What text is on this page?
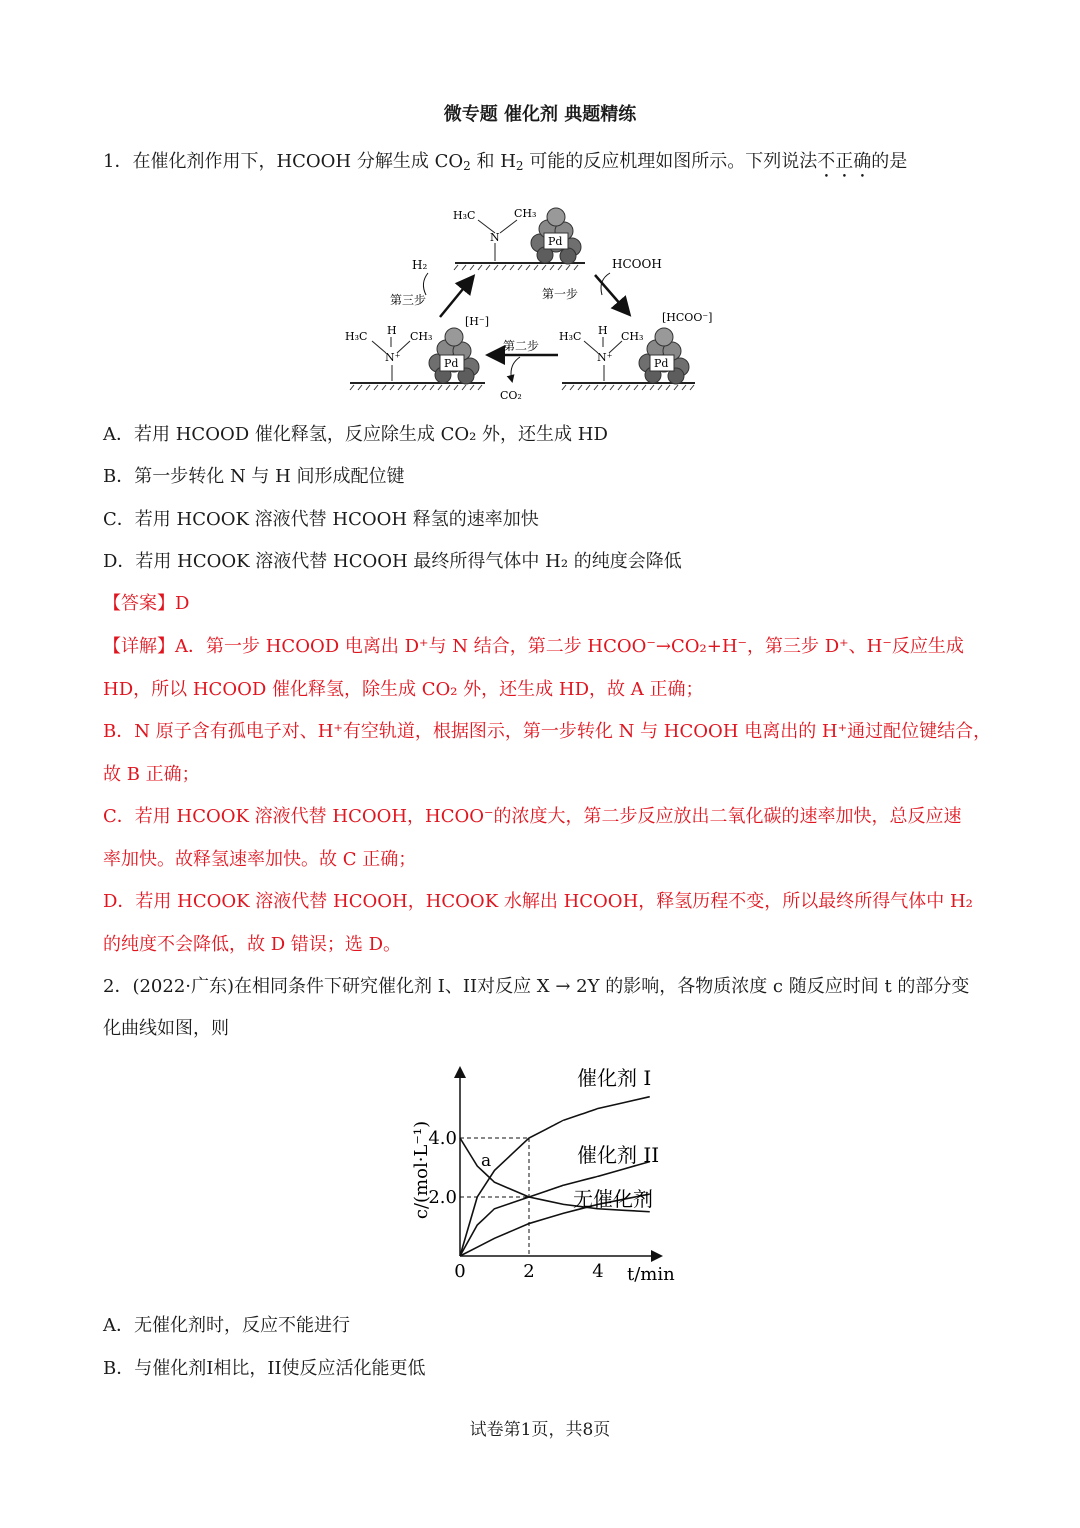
微专题 催化剂 典题精练
1．在催化剂作用下，HCOOH 分解生成 $CO_2$ 和 $H_2$ 可能的反应机理如图所示。下列说法不正确的是
H₃C	CH₃
N	Pd
H₃C H CH₃
N⁺
[H⁻]
Pd
H₃C H CH₃
N⁺
[HCOO⁻]
Pd
HCOOH
第一步
第二步
CO₂
H₂
第三步
A．若用 HCOOD 催化释氢，反应除生成 CO₂ 外，还生成 HD
B．第一步转化 N 与 H 间形成配位键
C．若用 HCOOK 溶液代替 HCOOH 释氢的速率加快
D．若用 HCOOK 溶液代替 HCOOH 最终所得气体中 H₂ 的纯度会降低
【答案】D
【详解】A．第一步 HCOOD 电离出 D⁺与 N 结合，第二步 HCOO⁻→CO₂+H⁻，第三步 D⁺、H⁻反应生成
HD，所以 HCOOD 催化释氢，除生成 CO₂ 外，还生成 HD，故 A 正确；
B．N 原子含有孤电子对、H⁺有空轨道，根据图示，第一步转化 N 与 HCOOH 电离出的 H⁺通过配位键结合，
故 B 正确；
C．若用 HCOOK 溶液代替 HCOOH，HCOO⁻的浓度大，第二步反应放出二氧化碳的速率加快，总反应速
率加快。故释氢速率加快。故 C 正确；
D．若用 HCOOK 溶液代替 HCOOH，HCOOK 水解出 HCOOH，释氢历程不变，所以最终所得气体中 H₂
的纯度不会降低，故 D 错误；选 D。
2．(2022·广东)在相同条件下研究催化剂 I、II对反应 X → 2Y 的影响，各物质浓度 c 随反应时间 t 的部分变
化曲线如图，则
c/(mol·L⁻¹)
t/min
0	2	4
2.0
4.0
催化剂 I
催化剂 II
无催化剂
a
A．无催化剂时，反应不能进行
B．与催化剂I相比，II使反应活化能更低
试卷第1页，共8页
